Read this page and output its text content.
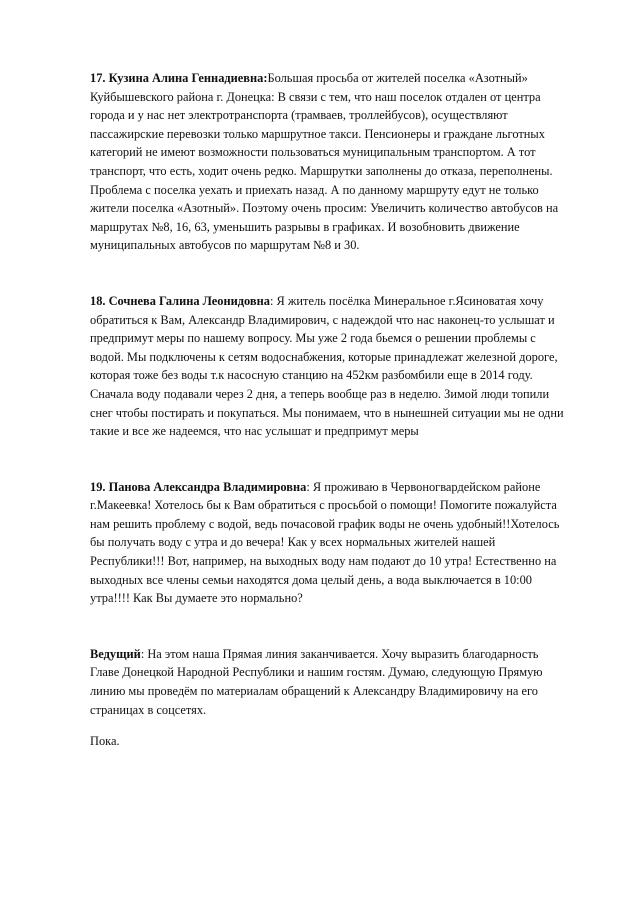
17. Кузина Алина Геннадиевна:Большая просьба от жителей поселка «Азотный»
Куйбышевского района г. Донецка: В связи с тем, что наш поселок отдален от центра
города и у нас нет электротранспорта (трамваев, троллейбусов), осуществляют
пассажирские перевозки только маршрутное такси. Пенсионеры и граждане льготных
категорий не имеют возможности пользоваться муниципальным транспортом. А тот
транспорт, что есть, ходит очень редко. Маршрутки заполнены до отказа, переполнены.
Проблема с поселка уехать и приехать назад. А по данному маршруту едут не только
жители поселка «Азотный». Поэтому очень просим: Увеличить количество автобусов на
маршрутах №8, 16, 63, уменьшить разрывы в графиках. И возобновить движение
муниципальных автобусов по маршрутам №8 и 30.

18. Сочнева Галина Леонидовна: Я житель посёлка Минеральное г.Ясиноватая хочу
обратиться к Вам, Александр Владимирович, с надеждой что нас наконец-то услышат и
предпримут меры по нашему вопросу. Мы уже 2 года бьемся о решении проблемы с
водой. Мы подключены к сетям водоснабжения, которые принадлежат железной дороге,
которая тоже без воды т.к насосную станцию на 452км разбомбили еще в 2014 году.
Сначала воду подавали через 2 дня, а теперь вообще раз в неделю. Зимой люди топили
снег чтобы постирать и покупаться. Мы понимаем, что в нынешней ситуации мы не одни
такие и все же надеемся, что нас услышат и предпримут меры

19. Панова Александра Владимировна: Я проживаю в Червоногвардейском районе
г.Макеевка! Хотелось бы к Вам обратиться с просьбой о помощи! Помогите пожалуйста
нам решить проблему с водой, ведь почасовой график воды не очень удобный!!Хотелось
бы получать воду с утра и до вечера! Как у всех нормальных жителей нашей
Республики!!! Вот, например, на выходных воду нам подают до 10 утра! Естественно на
выходных все члены семьи находятся дома целый день, а вода выключается в 10:00
утра!!!! Как Вы думаете это нормально?

Ведущий: На этом наша Прямая линия заканчивается. Хочу выразить благодарность
Главе Донецкой Народной Республики и нашим гостям. Думаю, следующую Прямую
линию мы проведём по материалам обращений к Александру Владимировичу на его
страницах в соцсетях.

Пока.
